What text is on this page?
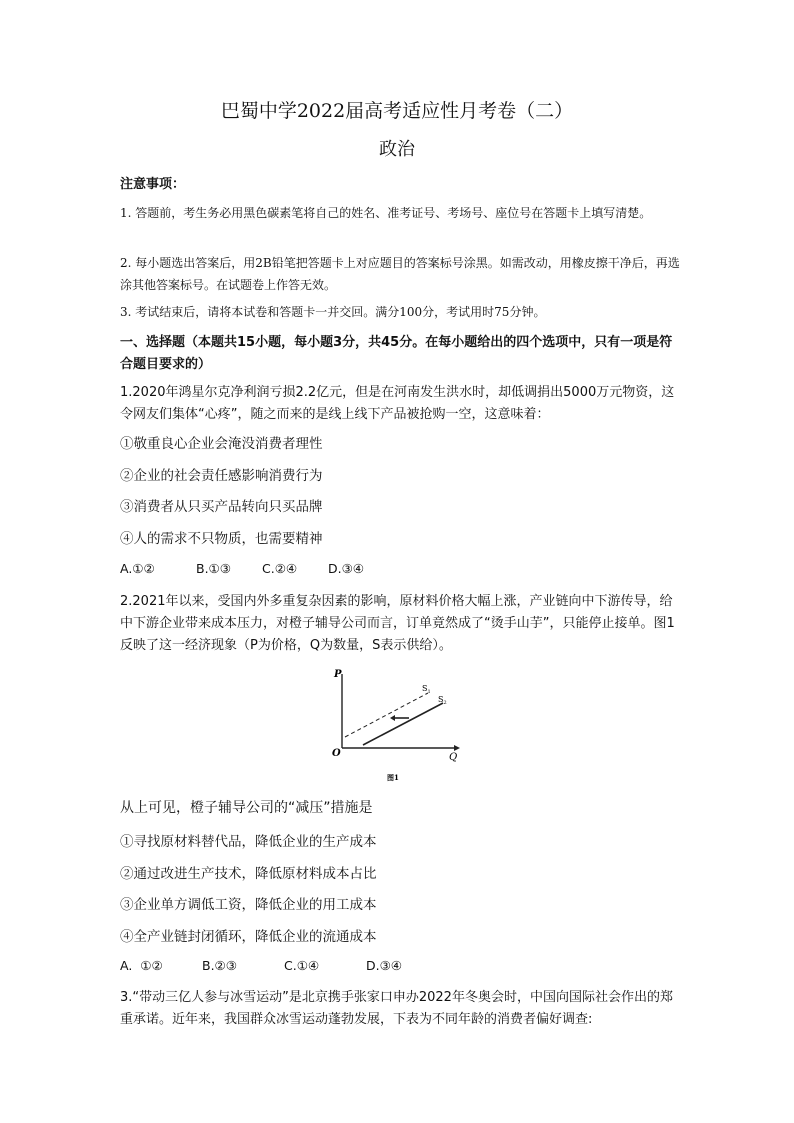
巴蜀中学2022届高考适应性月考卷（二）
政治
注意事项：
1. 答题前，考生务必用黑色碳素笔将自己的姓名、准考证号、考场号、座位号在答题卡上填写清楚。
2. 每小题选出答案后，用2B铅笔把答题卡上对应题目的答案标号涂黑。如需改动，用橡皮擦干净后，再选涂其他答案标号。在试题卷上作答无效。
3. 考试结束后，请将本试卷和答题卡一并交回。满分100分，考试用时75分钟。
一、选择题（本题共15小题，每小题3分，共45分。在每小题给出的四个选项中，只有一项是符合题目要求的）
1.2020年鸿星尔克净利润亏损2.2亿元，但是在河南发生洪水时，却低调捐出5000万元物资，这令网友们集体“心疼”，随之而来的是线上线下产品被抢购一空，这意味着：
①敬重良心企业会淹没消费者理性
②企业的社会责任感影响消费行为
③消费者从只买产品转向只买品牌
④人的需求不只物质，也需要精神
A.①②	B.①③ C.②④ D.③④
2.2021年以来，受国内外多重复杂因素的影响，原材料价格大幅上涨，产业链向中下游传导，给中下游企业带来成本压力，对橙子辅导公司而言，订单竟然成了“烫手山芋”，只能停止接单。图1反映了这一经济现象（P为价格，Q为数量，S表示供给）。
P
Q
O
$S_1$
$S_2$
图1
从上可见，橙子辅导公司的“减压”措施是
①寻找原材料替代品，降低企业的生产成本
②通过改进生产技术，降低原材料成本占比
③企业单方调低工资，降低企业的用工成本
④全产业链封闭循环，降低企业的流通成本
A.  ①②	B.②③	C.①④	D.③④
3.“带动三亿人参与冰雪运动”是北京携手张家口申办2022年冬奥会时，中国向国际社会作出的郑重承诺。近年来，我国群众冰雪运动蓬勃发展，下表为不同年龄的消费者偏好调查:
